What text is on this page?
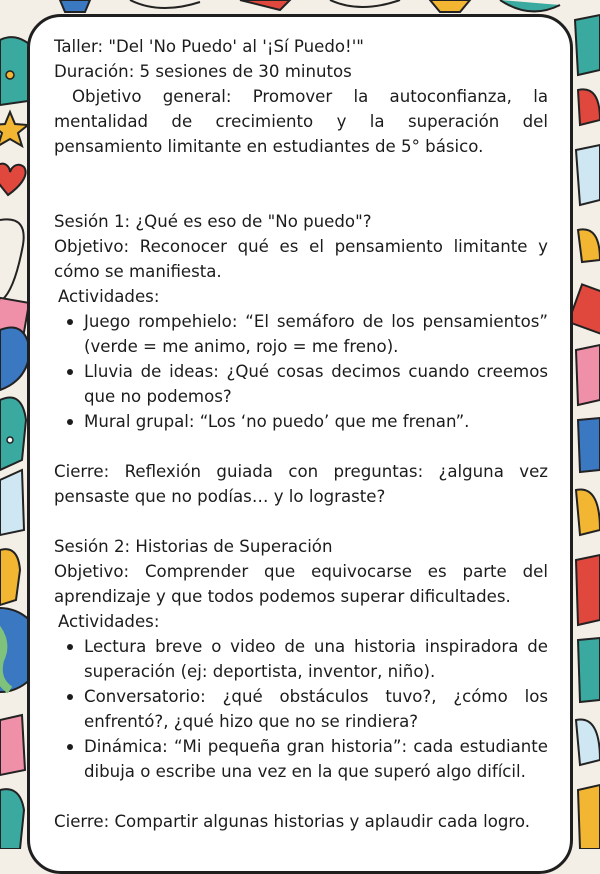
Taller: "Del 'No Puedo' al '¡Sí Puedo!'"

Duración: 5 sesiones de 30 minutos

Objetivo general: Promover la autoconfianza, la mentalidad de crecimiento y la superación del pensamiento limitante en estudiantes de 5° básico.

Sesión 1: ¿Qué es eso de "No puedo"?

Objetivo: Reconocer qué es el pensamiento limitante y cómo se manifiesta.

Actividades:

Juego rompehielo: “El semáforo de los pensamientos” (verde = me animo, rojo = me freno).
Lluvia de ideas: ¿Qué cosas decimos cuando creemos que no podemos?
Mural grupal: “Los ‘no puedo’ que me frenan”.

Cierre: Reflexión guiada con preguntas: ¿alguna vez pensaste que no podías… y lo lograste?

Sesión 2: Historias de Superación

Objetivo: Comprender que equivocarse es parte del aprendizaje y que todos podemos superar dificultades.

Actividades:

Lectura breve o video de una historia inspiradora de superación (ej: deportista, inventor, niño).
Conversatorio: ¿qué obstáculos tuvo?, ¿cómo los enfrentó?, ¿qué hizo que no se rindiera?
Dinámica: “Mi pequeña gran historia”: cada estudiante dibuja o escribe una vez en la que superó algo difícil.

Cierre: Compartir algunas historias y aplaudir cada logro.
